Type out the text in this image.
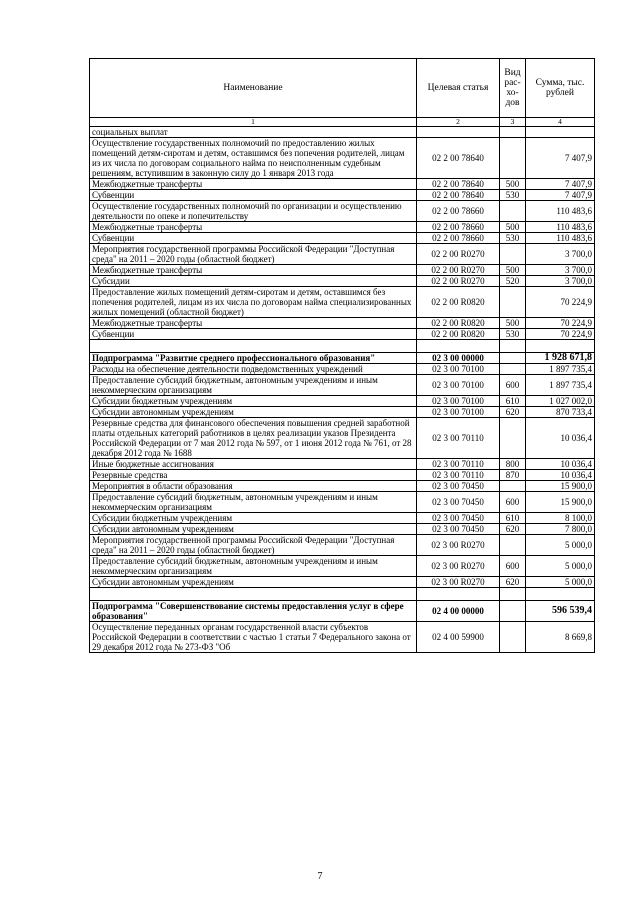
Наименование	Целевая статья	Вид рас- хо- дов	Сумма, тыс. рублей
1	2	3	4
социальных выплат			
Осуществление государственных полномочий по предоставлению жилых помещений детям-сиротам и детям, оставшимся без попечения родителей, лицам из их числа по договорам социального найма по неисполненным судебным решениям, вступившим в законную силу до 1 января 2013 года	02 2 00 78640		7 407,9
Межбюджетные трансферты	02 2 00 78640	500	7 407,9
Субвенции	02 2 00 78640	530	7 407,9
Осуществление государственных полномочий по организации и осуществлению деятельности по опеке и попечительству	02 2 00 78660		110 483,6
Межбюджетные трансферты	02 2 00 78660	500	110 483,6
Субвенции	02 2 00 78660	530	110 483,6
Мероприятия государственной программы Российской Федерации "Доступная среда" на 2011 – 2020 годы (областной бюджет)	02 2 00 R0270		3 700,0
Межбюджетные трансферты	02 2 00 R0270	500	3 700,0
Субсидии	02 2 00 R0270	520	3 700,0
Предоставление жилых помещений детям-сиротам и детям, оставшимся без попечения родителей, лицам из их числа по договорам найма специализированных жилых помещений (областной бюджет)	02 2 00 R0820		70 224,9
Межбюджетные трансферты	02 2 00 R0820	500	70 224,9
Субвенции	02 2 00 R0820	530	70 224,9

Подпрограмма "Развитие среднего профессионального образования"	02 3 00 00000		1 928 671,8
Расходы на обеспечение деятельности подведомственных учреждений	02 3 00 70100		1 897 735,4
Предоставление субсидий бюджетным, автономным учреждениям и иным некоммерческим организациям	02 3 00 70100	600	1 897 735,4
Субсидии бюджетным учреждениям	02 3 00 70100	610	1 027 002,0
Субсидии автономным учреждениям	02 3 00 70100	620	870 733,4
Резервные средства для финансового обеспечения повышения средней заработной платы отдельных категорий работников в целях реализации указов Президента Российской Федерации от 7 мая 2012 года № 597, от 1 июня 2012 года № 761, от 28 декабря 2012 года № 1688	02 3 00 70110		10 036,4
Иные бюджетные ассигнования	02 3 00 70110	800	10 036,4
Резервные средства	02 3 00 70110	870	10 036,4
Мероприятия в области образования	02 3 00 70450		15 900,0
Предоставление субсидий бюджетным, автономным учреждениям и иным некоммерческим организациям	02 3 00 70450	600	15 900,0
Субсидии бюджетным учреждениям	02 3 00 70450	610	8 100,0
Субсидии автономным учреждениям	02 3 00 70450	620	7 800,0
Мероприятия государственной программы Российской Федерации "Доступная среда" на 2011 – 2020 годы (областной бюджет)	02 3 00 R0270		5 000,0
Предоставление субсидий бюджетным, автономным учреждениям и иным некоммерческим организациям	02 3 00 R0270	600	5 000,0
Субсидии автономным учреждениям	02 3 00 R0270	620	5 000,0

Подпрограмма "Совершенствование системы предоставления услуг в сфере образования"	02 4 00 00000		596 539,4
Осуществление переданных органам государственной власти субъектов Российской Федерации в соответствии с частью 1 статьи 7 Федерального закона от 29 декабря 2012 года № 273-ФЗ "Об	02 4 00 59900		8 669,8
7
